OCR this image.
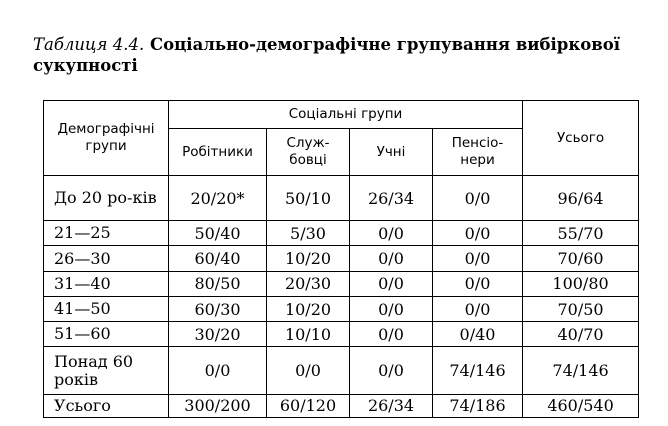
Таблиця 4.4. Соціально-демографічне групування вибіркової сукупності
Демографічні групи	Соціальні групи				Усього
	Робітники	Служ-бовці	Учні	Пенсіо-нери	
До 20 ро-ків	20/20*	50/10	26/34	0/0	96/64
21—25	50/40	5/30	0/0	0/0	55/70
26—30	60/40	10/20	0/0	0/0	70/60
31—40	80/50	20/30	0/0	0/0	100/80
41—50	60/30	10/20	0/0	0/0	70/50
51—60	30/20	10/10	0/0	0/40	40/70
Понад 60 років	0/0	0/0	0/0	74/146	74/146
Усього	300/200	60/120	26/34	74/186	460/540
